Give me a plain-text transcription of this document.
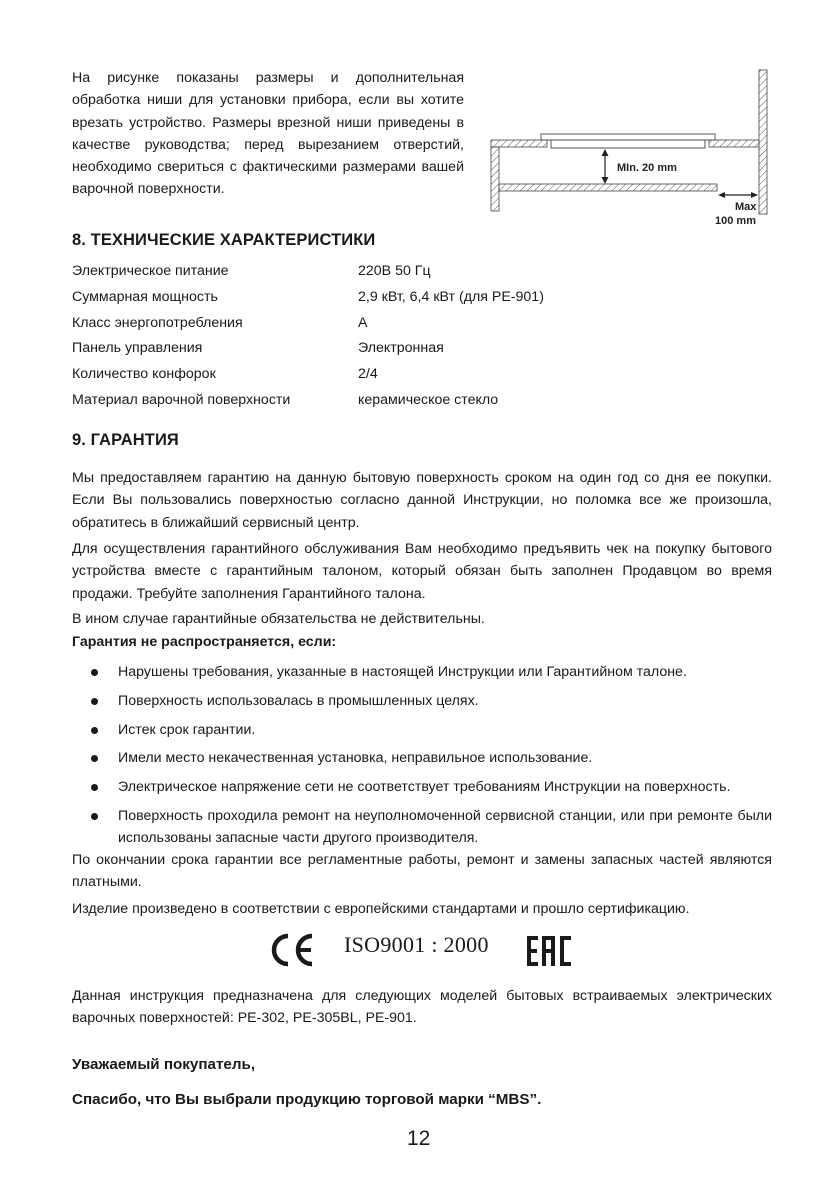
На рисунке показаны размеры и дополнительная обработка ниши для установки прибора, если вы хотите врезать устройство. Размеры врезной ниши приведены в качестве руководства; перед вырезанием отверстий, необходимо свериться с фактическими размерами вашей варочной поверхности.

MIn. 20 mm
Max
100 mm
8. ТЕХНИЧЕСКИЕ ХАРАКТЕРИСТИКИ
Электрическое питание	220В 50 Гц
Суммарная мощность	2,9 кВт, 6,4 кВт (для PE-901)
Класс энергопотребления	A
Панель управления	Электронная
Количество конфорок	2/4
Материал варочной поверхности	керамическое стекло
9. ГАРАНТИЯ

Мы предоставляем гарантию на данную бытовую поверхность сроком на один год со дня ее покупки. Если Вы пользовались поверхностью согласно данной Инструкции, но поломка все же произошла, обратитесь в ближайший сервисный центр.

Для осуществления гарантийного обслуживания Вам необходимо предъявить чек на покупку бытового устройства вместе с гарантийным талоном, который обязан быть заполнен Продавцом во время продажи. Требуйте заполнения Гарантийного талона.

В ином случае гарантийные обязательства не действительны.

Гарантия не распространяется, если:

Нарушены требования, указанные в настоящей Инструкции или Гарантийном талоне.
Поверхность использовалась в промышленных целях.
Истек срок гарантии.
Имели место некачественная установка, неправильное использование.
Электрическое напряжение сети не соответствует требованиям Инструкции на поверхность.
Поверхность проходила ремонт на неуполномоченной сервисной станции, или при ремонте были использованы запасные части другого производителя.

По окончании срока гарантии все регламентные работы, ремонт и замены запасных частей являются платными.

Изделие произведено в соответствии с европейскими стандартами и прошло сертификацию.

ISO9001 : 2000

Данная инструкция предназначена для следующих моделей бытовых встраиваемых электрических варочных поверхностей: PE-302, PE-305BL, PE-901.

Уважаемый покупатель,

Спасибо, что Вы выбрали продукцию торговой марки “MBS”.

12
